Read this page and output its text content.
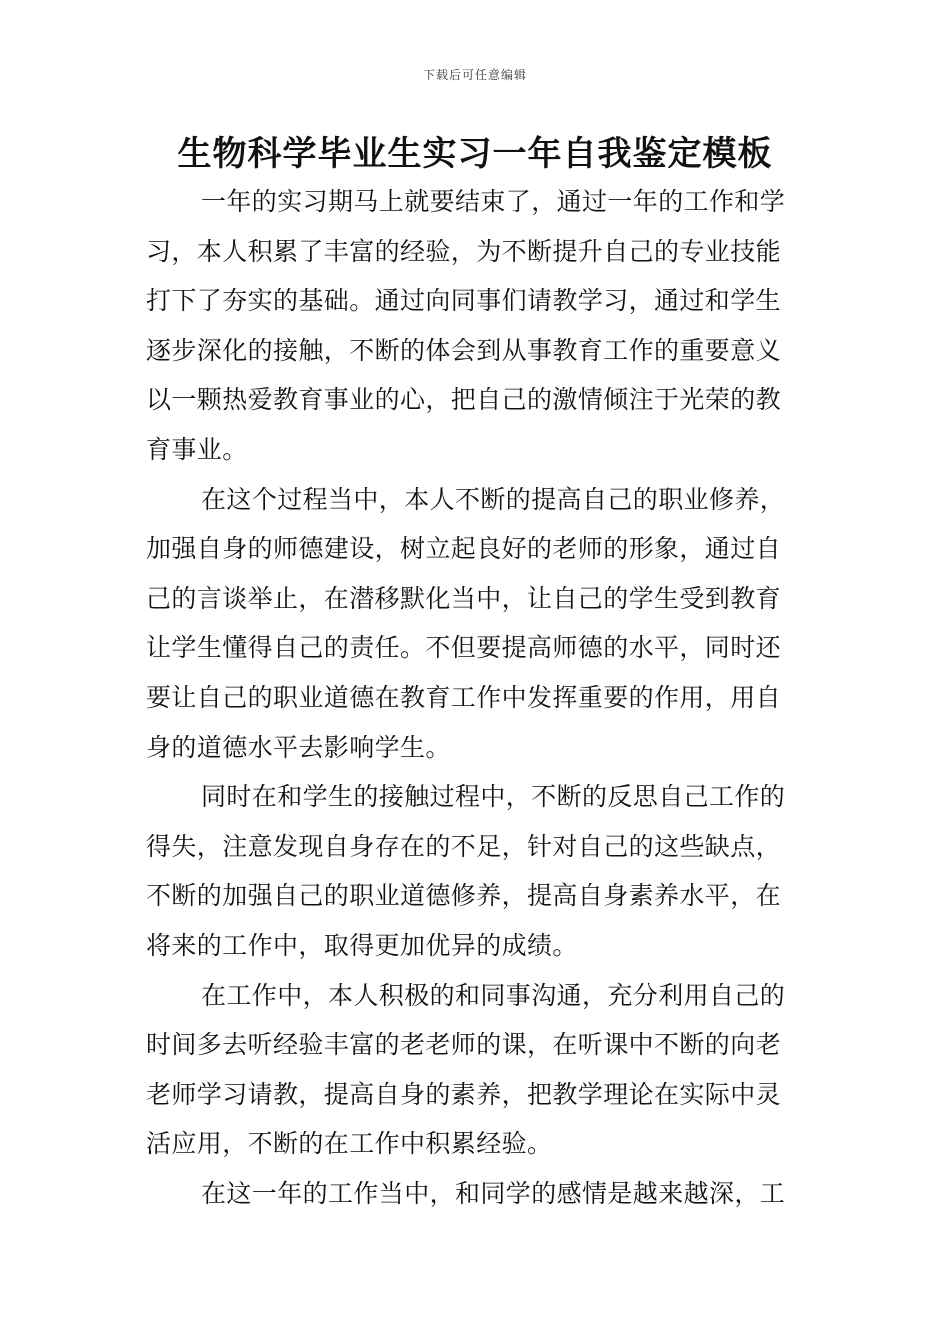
下载后可任意编辑
生物科学毕业生实习一年自我鉴定模板
一年的实习期马上就要结束了，通过一年的工作和学
习，本人积累了丰富的经验，为不断提升自己的专业技能
打下了夯实的基础。通过向同事们请教学习，通过和学生
逐步深化的接触，不断的体会到从事教育工作的重要意义
以一颗热爱教育事业的心，把自己的激情倾注于光荣的教
育事业。
在这个过程当中，本人不断的提高自己的职业修养，
加强自身的师德建设，树立起良好的老师的形象，通过自
己的言谈举止，在潜移默化当中，让自己的学生受到教育
让学生懂得自己的责任。不但要提高师德的水平，同时还
要让自己的职业道德在教育工作中发挥重要的作用，用自
身的道德水平去影响学生。
同时在和学生的接触过程中，不断的反思自己工作的
得失，注意发现自身存在的不足，针对自己的这些缺点，
不断的加强自己的职业道德修养，提高自身素养水平，在
将来的工作中，取得更加优异的成绩。
在工作中，本人积极的和同事沟通，充分利用自己的
时间多去听经验丰富的老老师的课，在听课中不断的向老
老师学习请教，提高自身的素养，把教学理论在实际中灵
活应用，不断的在工作中积累经验。
在这一年的工作当中，和同学的感情是越来越深，工
